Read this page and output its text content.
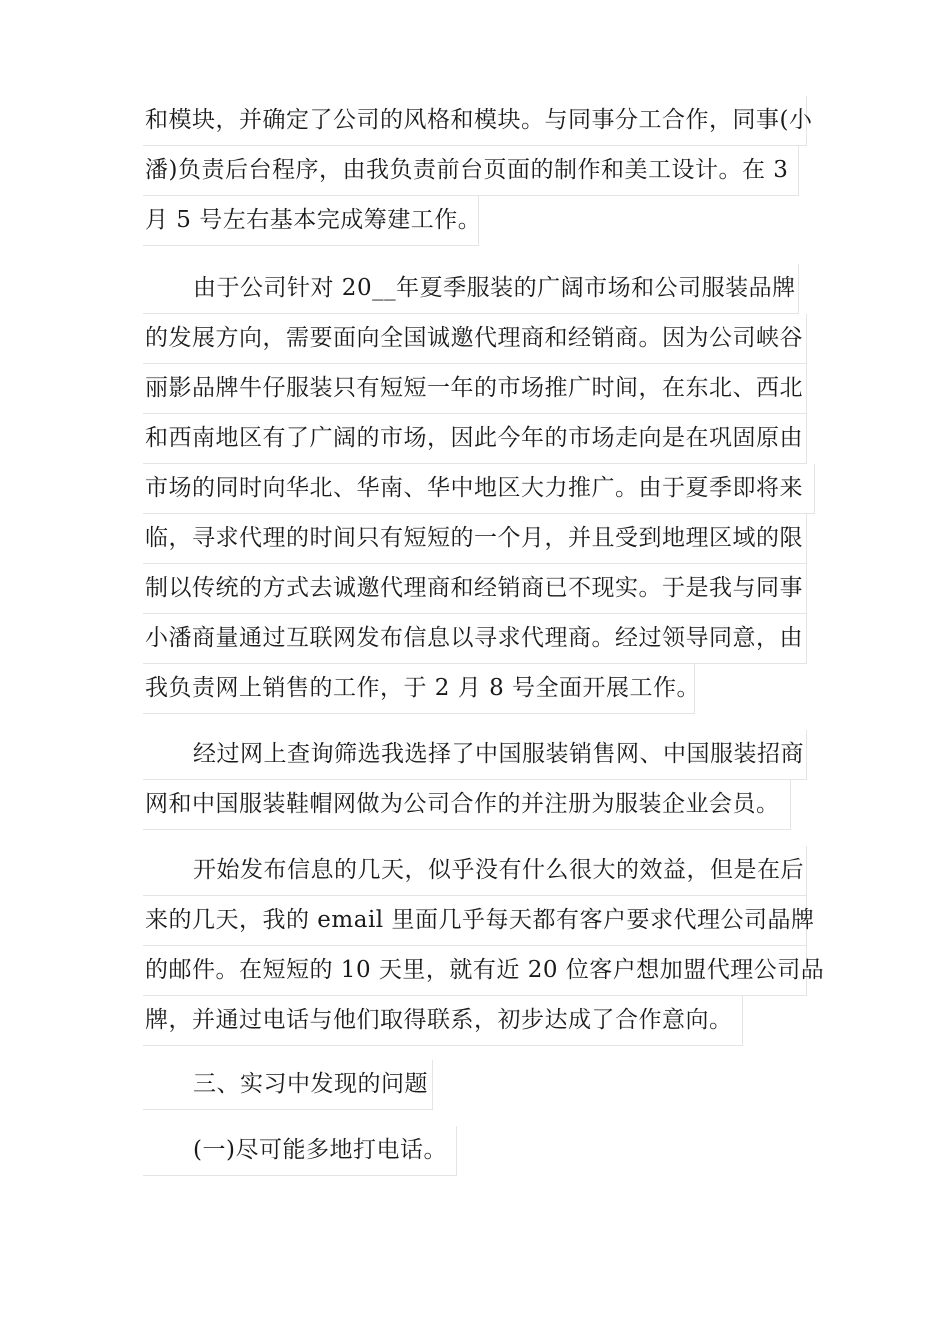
和模块，并确定了公司的风格和模块。与同事分工合作，同事(小
潘)负责后台程序，由我负责前台页面的制作和美工设计。在 3
月 5 号左右基本完成筹建工作。
由于公司针对 20__年夏季服装的广阔市场和公司服装品牌
的发展方向，需要面向全国诚邀代理商和经销商。因为公司峡谷
丽影品牌牛仔服装只有短短一年的市场推广时间，在东北、西北
和西南地区有了广阔的市场，因此今年的市场走向是在巩固原由
市场的同时向华北、华南、华中地区大力推广。由于夏季即将来
临，寻求代理的时间只有短短的一个月，并且受到地理区域的限
制以传统的方式去诚邀代理商和经销商已不现实。于是我与同事
小潘商量通过互联网发布信息以寻求代理商。经过领导同意，由
我负责网上销售的工作，于 2 月 8 号全面开展工作。
经过网上查询筛选我选择了中国服装销售网、中国服装招商
网和中国服装鞋帽网做为公司合作的并注册为服装企业会员。
开始发布信息的几天，似乎没有什么很大的效益，但是在后
来的几天，我的 email 里面几乎每天都有客户要求代理公司晶牌
的邮件。在短短的 10 天里，就有近 20 位客户想加盟代理公司品
牌，并通过电话与他们取得联系，初步达成了合作意向。
三、实习中发现的问题
(一)尽可能多地打电话。
